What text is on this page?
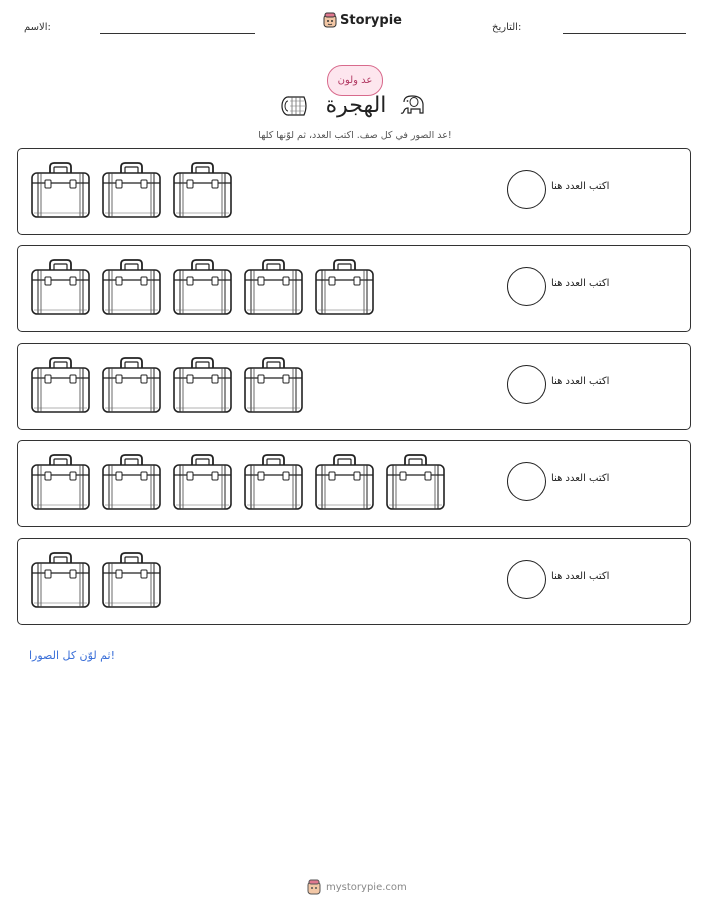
الاسم:	Storypie	التاريخ:
عد ولون
الهجرة
عد الصور في كل صف. اكتب العدد، ثم لوّنها كلها!
اكتب العدد هنا
اكتب العدد هنا
اكتب العدد هنا
اكتب العدد هنا
اكتب العدد هنا
ثم لوّن كل الصورا!
mystorypie.com
